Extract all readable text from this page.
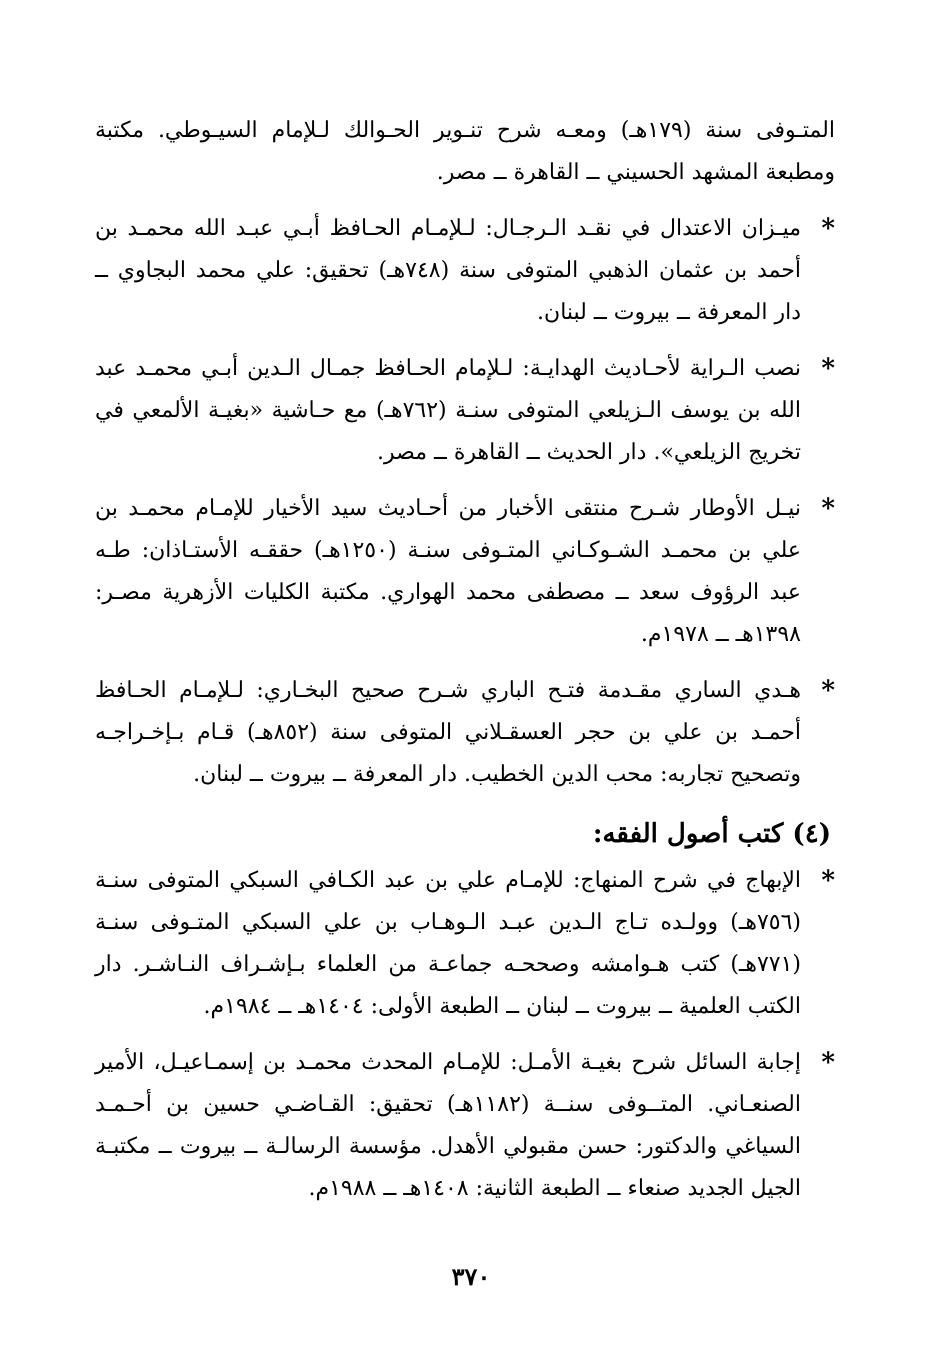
المتـوفى سنة (١٧٩هـ) ومعـه شرح تنـوير الحـوالك لـلإمام السيـوطي. مكتبة ومطبعة المشهد الحسيني ــ القاهرة ــ مصر.

*
ميـزان الاعتدال في نقـد الـرجـال: لـلإمـام الحـافظ أبـي عبـد الله محمـد بن أحمد بن عثمان الذهبي المتوفى سنة (٧٤٨هـ) تحقيق: علي محمد البجاوي ــ دار المعرفة ــ بيروت ــ لبنان.
*
نصب الـراية لأحـاديث الهدايـة: لـلإمام الحـافظ جمـال الـدين أبـي محمـد عبد الله بن يوسف الـزيلعي المتوفى سنـة (٧٦٢هـ) مع حـاشية «بغيـة الألمعي في تخريج الزيلعي». دار الحديث ــ القاهرة ــ مصر.
*
نيـل الأوطار شـرح منتقى الأخبار من أحـاديث سيد الأخيار للإمـام محمـد بن علي بن محمـد الشـوكـاني المتـوفى سنـة (١٢٥٠هـ) حققـه الأستـاذان: طـه عبد الرؤوف سعد ــ مصطفى محمد الهواري. مكتبة الكليات الأزهرية مصـر: ١٣٩٨هـ ــ ١٩٧٨م.
*
هـدي الساري مقـدمة فتـح الباري شـرح صحيح البخـاري: لـلإمـام الحـافظ أحمـد بن علي بن حجر العسقـلاني المتوفى سنة (٨٥٢هـ) قـام بـإخـراجـه وتصحيح تجاربه: محب الدين الخطيب. دار المعرفة ــ بيروت ــ لبنان.
(٤) كتب أصول الفقه:
*
الإبهاج في شرح المنهاج: للإمـام علي بن عبد الكـافي السبكي المتوفى سنـة (٧٥٦هـ) وولـده تـاج الـدين عبـد الـوهـاب بن علي السبكي المتـوفى سنـة (٧٧١هـ) كتب هـوامشه وصححـه جماعـة من العلماء بـإشـراف النـاشـر. دار الكتب العلمية ــ بيروت ــ لبنان ــ الطبعة الأولى: ١٤٠٤هـ ــ ١٩٨٤م.
*
إجابة السائل شرح بغيـة الأمـل: للإمـام المحدث محمـد بن إسمـاعيـل، الأمير الصنعـاني. المتــوفى سنــة (١١٨٢هـ) تحقيق: القـاضـي حسين بن أحـمـد السياغي والدكتور: حسن مقبولي الأهدل. مؤسسة الرسالـة ــ بيروت ــ مكتبـة الجيل الجديد صنعاء ــ الطبعة الثانية: ١٤٠٨هـ ــ ١٩٨٨م.
٣٧٠
